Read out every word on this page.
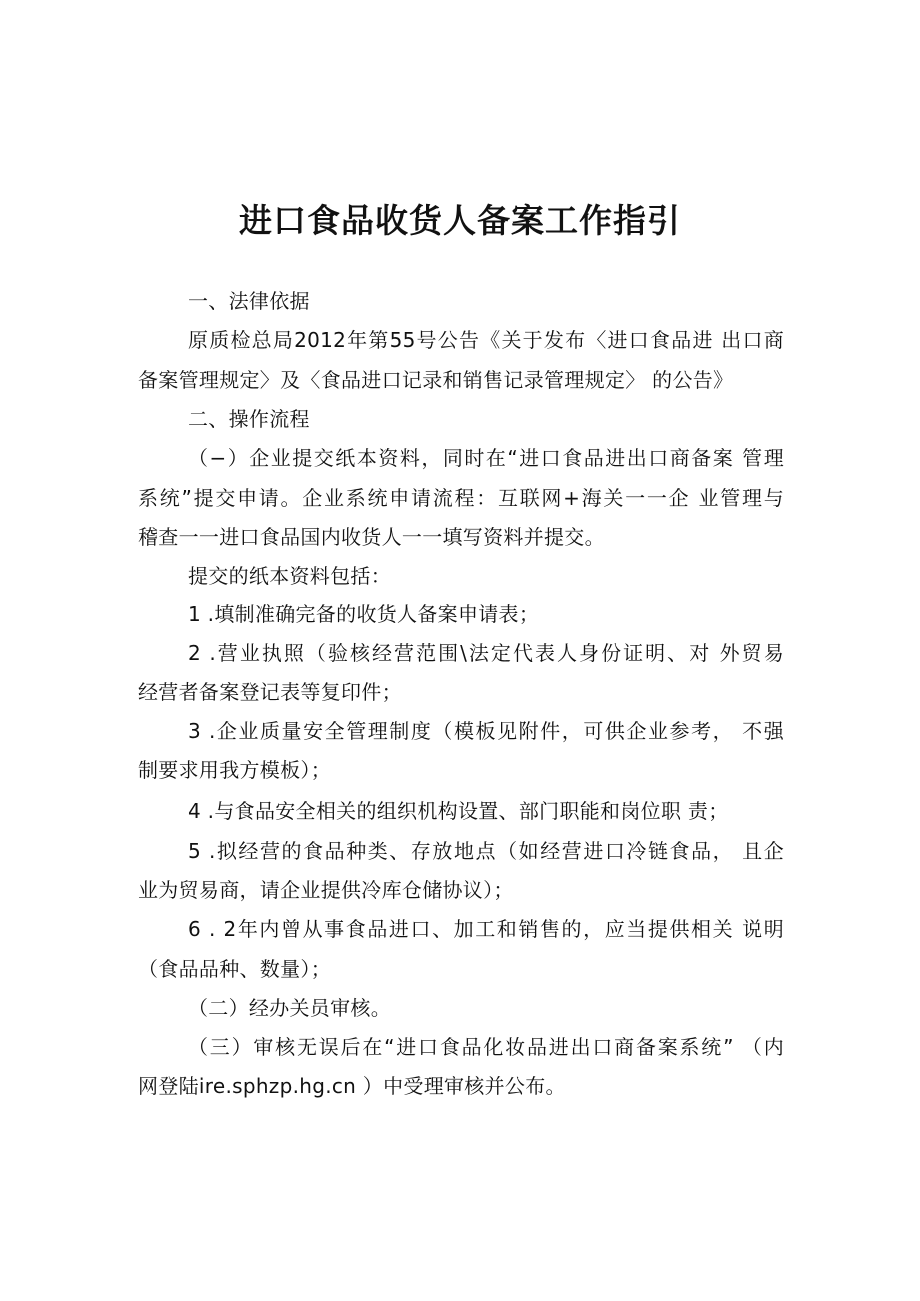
进口食品收货人备案工作指引
一、法律依据
原质检总局2012年第55号公告《关于发布〈进口食品进 出口商
备案管理规定〉及〈食品进口记录和销售记录管理规定〉 的公告》
二、操作流程
（−）企业提交纸本资料，同时在“进口食品进出口商备案 管理
系统”提交申请。企业系统申请流程：互联网+海关一一企 业管理与
稽查一一进口食品国内收货人一一填写资料并提交。
提交的纸本资料包括：
1 .填制准确完备的收货人备案申请表；
2 .营业执照（验核经营范围\法定代表人身份证明、对 外贸易
经营者备案登记表等复印件；
3 .企业质量安全管理制度（模板见附件，可供企业参考， 不强
制要求用我方模板）；
4 .与食品安全相关的组织机构设置、部门职能和岗位职 责；
5 .拟经营的食品种类、存放地点（如经营进口冷链食品， 且企
业为贸易商，请企业提供冷库仓储协议）；
6 . 2年内曾从事食品进口、加工和销售的，应当提供相关 说明
（食品品种、数量）；
（二）经办关员审核。
（三）审核无误后在“进口食品化妆品进出口商备案系统” （内
网登陆ire.sphzp.hg.cn ）中受理审核并公布。
